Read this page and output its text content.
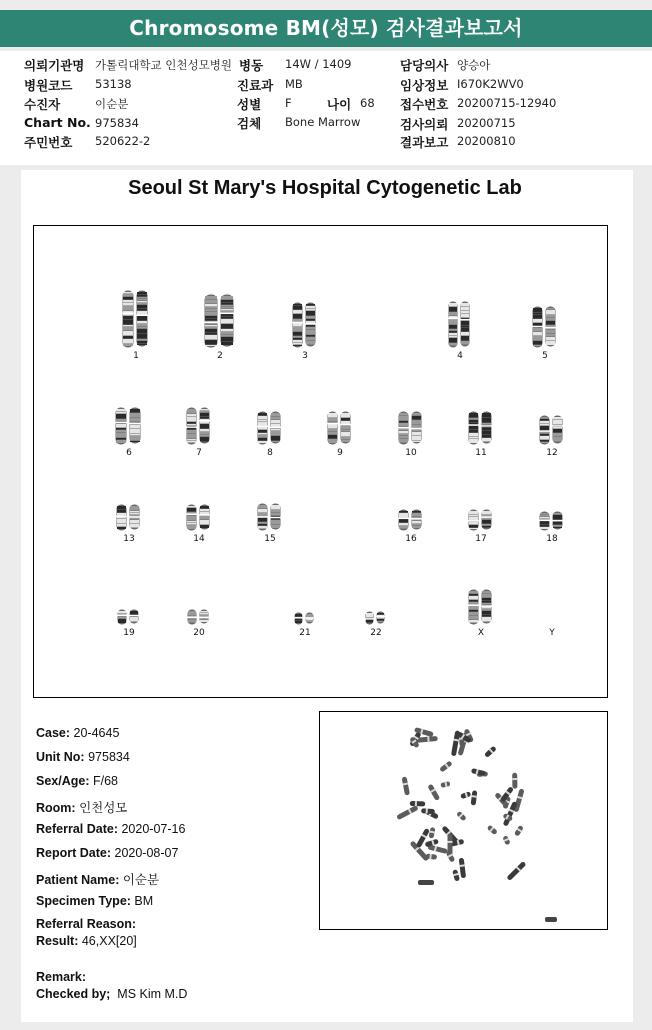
Chromosome BM(성모) 검사결과보고서
의뢰기관명 가톨릭대학교 인천성모병원
병원코드 53138
수진자	이순분
Chart No. 975834
주민번호 520622-2
병동 14W / 1409
진료과 MB
성별 F	나이 68
검체 Bone Marrow
담당의사 양승아
임상정보 I670K2WV0
접수번호 20200715-12940
검사의뢰 20200715
결과보고 20200810
Seoul St Mary's Hospital Cytogenetic Lab
1	2	3	4	5
6	7	8	9	10	11	12
13	14	15	16	17	18
19	20	21	22	X	Y
Case: 20-4645
Unit No: 975834
Sex/Age: F/68
Room: 인천성모
Referral Date: 2020-07-16
Report Date: 2020-08-07
Patient Name: 이순분
Specimen Type: BM
Referral Reason:
Result: 46,XX[20]
Remark:
Checked by; MS Kim M.D
